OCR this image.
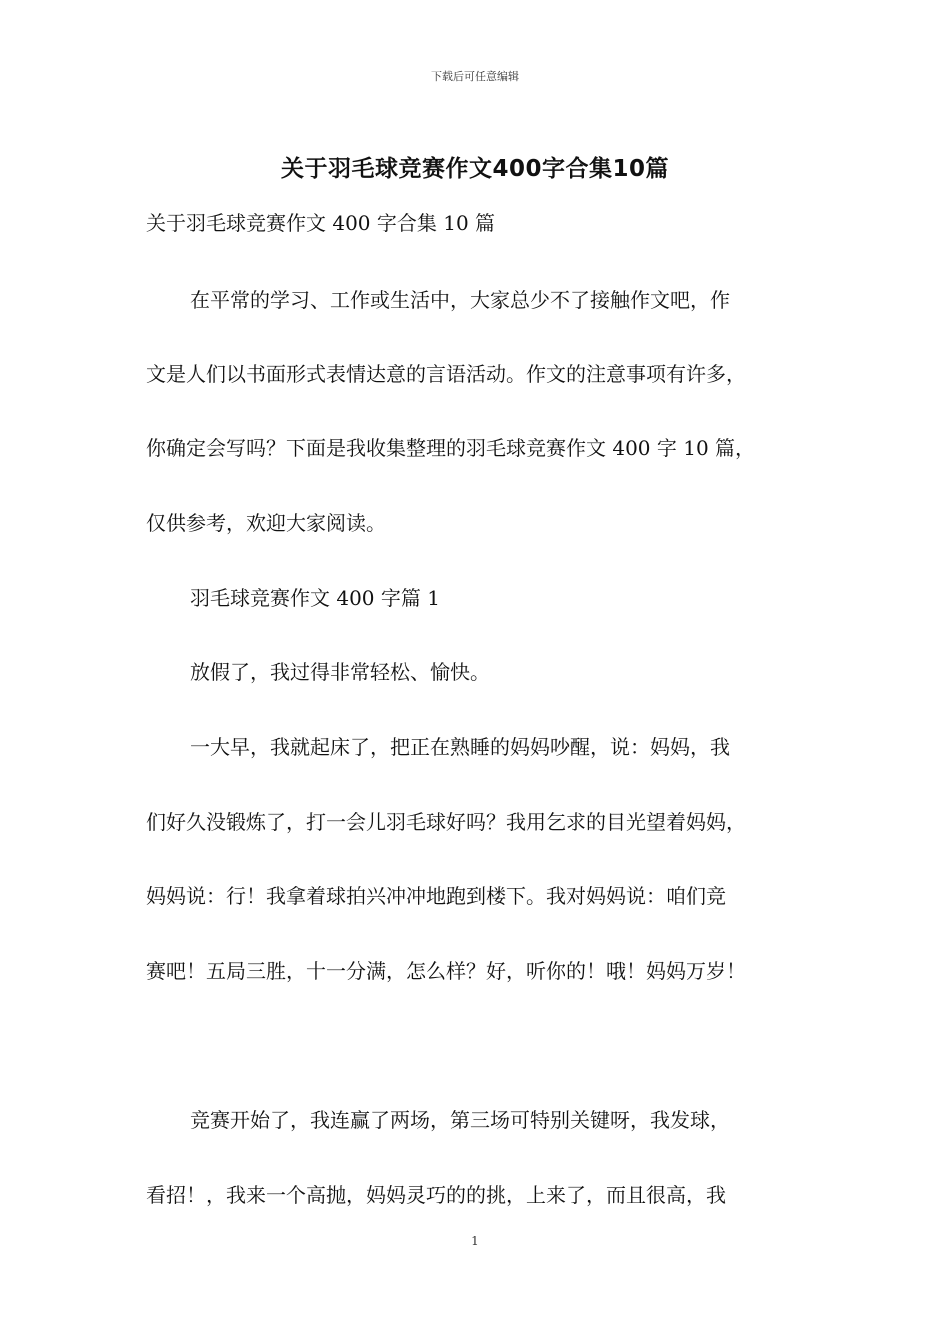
下载后可任意编辑
关于羽毛球竞赛作文400字合集10篇
关于羽毛球竞赛作文 400 字合集 10 篇
在平常的学习、工作或生活中，大家总少不了接触作文吧，作
文是人们以书面形式表情达意的言语活动。作文的注意事项有许多，
你确定会写吗？下面是我收集整理的羽毛球竞赛作文 400 字 10 篇，
仅供参考，欢迎大家阅读。
羽毛球竞赛作文 400 字篇 1
放假了，我过得非常轻松、愉快。
一大早，我就起床了，把正在熟睡的妈妈吵醒，说：妈妈，我
们好久没锻炼了，打一会儿羽毛球好吗？我用乞求的目光望着妈妈，
妈妈说：行！我拿着球拍兴冲冲地跑到楼下。我对妈妈说：咱们竞
赛吧！五局三胜，十一分满，怎么样？好，听你的！哦！妈妈万岁！
竞赛开始了，我连赢了两场，第三场可特别关键呀，我发球，
看招！，我来一个高抛，妈妈灵巧的的挑，上来了，而且很高，我
1
